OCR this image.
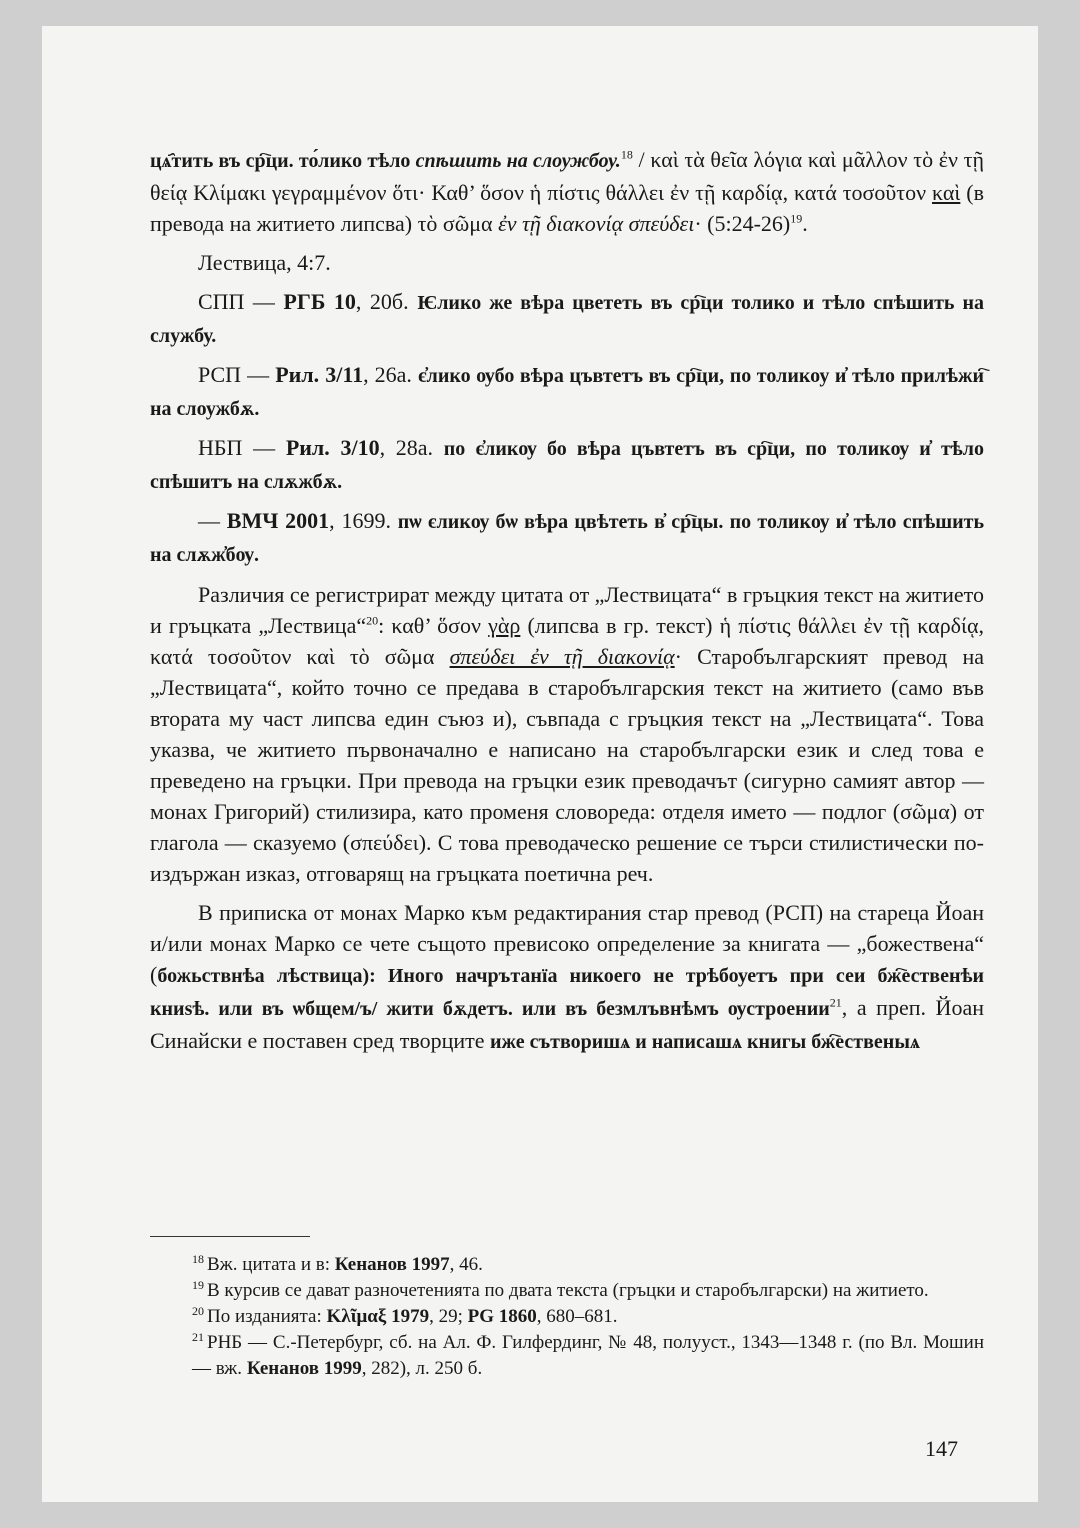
цѧ҄тить въ ср҇ци. то́лико тѣло спѣшить на слоужбоу.$^{18}$ / καὶ τὰ θεῖα λόγια καὶ μᾶλλον τὸ ἐν τῇ θείᾳ Κλίμακι γεγραμμένον ὅτι· Καθ’ ὅσον ἡ πίστις θάλλει ἐν τῇ καρδίᾳ, κατά τοσοῦτον καὶ (в превода на житието липсва) τὸ σῶμα ἐν τῇ διακονίᾳ σπεύδει· (5:24-26)$^{19}$.

Лествица, 4:7.

СПП — РГБ 10, 20б. Ѥлико же вѣра цвететь въ ср҇ци толико и тѣло спѣшить на службу.

РСП — Рил. 3/11, 26а. є҆лико ѹбо вѣра цъвтетъ въ ср҇ци, по толикоу и҆ тѣло прилѣжи҇ на слоужбѫ.

НБП — Рил. 3/10, 28а. по є҆ликѹ бо вѣра цъвтетъ въ ср҇ци, по толикѹ и҆ тѣло спѣшитъ на слѫжбѫ.

— ВМЧ 2001, 1699. пѡ єликѹ бѡ вѣра цвѣтеть в҆ ср҇цы. по толикѹ и҆ тѣло спѣшить на слѫж҆бѹ.

Различия се регистрират между цитата от „Лествицата“ в гръцкия текст на житието и гръцката „Лествица“$^{20}$: καθ’ ὅσον γὰρ (липсва в гр. текст) ἡ πίστις θάλλει ἐν τῇ καρδίᾳ, κατά τοσοῦτον καὶ τὸ σῶμα σπεύδει ἐν τῇ διακονίᾳ· Старобългарският превод на „Лествицата“, който точно се предава в старобългарския текст на житието (само във втората му част липсва един съюз и), съвпада с гръцкия текст на „Лествицата“. Това указва, че житието първоначално е написано на старобългарски език и след това е преведено на гръцки. При превода на гръцки език преводачът (сигурно самият автор — монах Григорий) стилизира, като променя словореда: отделя името — подлог (σῶμα) от глагола — сказуемо (σπεύδει). С това преводаческо решение се търси стилистически по-издържан изказ, отговарящ на гръцката поетична реч.

В приписка от монах Марко към редактирания стар превод (РСП) на стареца Йоан и/или монах Марко се чете същото превисоко определение за книгата — „божествена“ (божьствнѣа лѣствица): Иного начрътанїа никоего не трѣбоуетъ при сеи бж҇ественѣи книѕѣ. или въ ѡбщем/ъ/ жити бѫдетъ. или въ безмлъвнѣмъ ѹстроении$^{21}$, а преп. Йоан Синайски е поставен сред творците иже сътворишѧ и написашѧ книгы бж҇ественыѧ

$^{18}$ Вж. цитата и в: Кенанов 1997, 46.

$^{19}$ В курсив се дават разночетенията по двата текста (гръцки и старобългарски) на житието.

$^{20}$ По изданията: Κλῖμαξ 1979, 29; PG 1860, 680–681.

$^{21}$ РНБ — С.-Петербург, сб. на Ал. Ф. Гилфердинг, № 48, полууст., 1343—1348 г. (по Вл. Мошин — вж. Кенанов 1999, 282), л. 250 б.

147
